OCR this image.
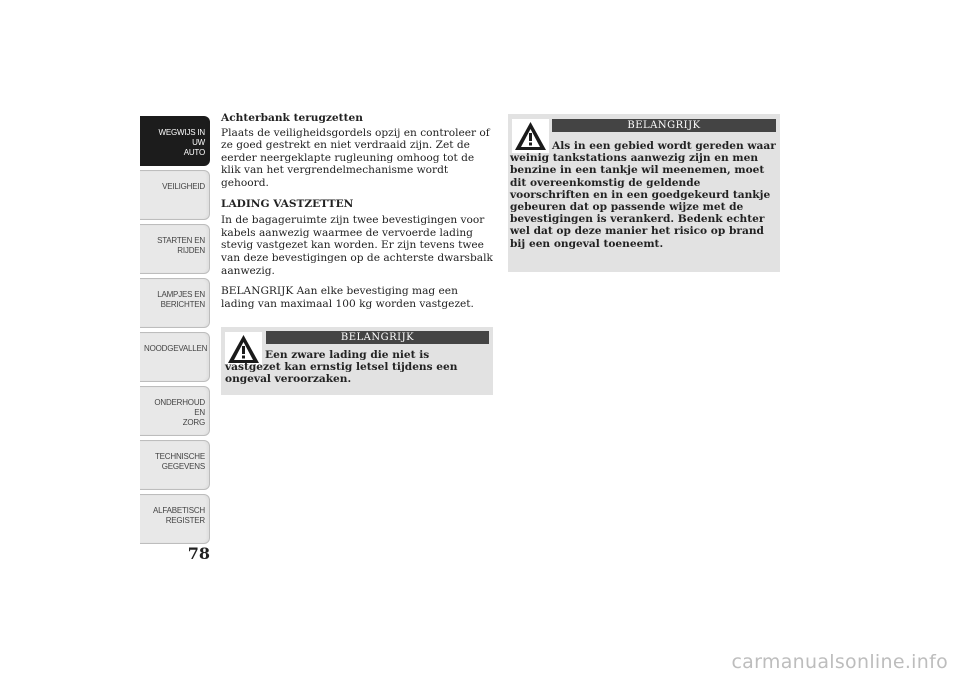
WEGWIJS IN UW
AUTO
VEILIGHEID
STARTEN EN
RIJDEN
LAMPJES EN
BERICHTEN
NOODGEVALLEN
ONDERHOUD EN
ZORG
TECHNISCHE
GEGEVENS
ALFABETISCH
REGISTER
78
Achterbank terugzetten
Plaats de veiligheidsgordels opzij en controleer of ze goed gestrekt en niet verdraaid zijn. Zet de eerder neergeklapte rugleuning omhoog tot de klik van het vergrendelmechanisme wordt gehoord.
LADING VASTZETTEN
In de bagageruimte zijn twee bevestigingen voor kabels aanwezig waarmee de vervoerde lading stevig vastgezet kan worden. Er zijn tevens twee van deze bevestigingen op de achterste dwarsbalk aanwezig.
BELANGRIJK Aan elke bevestiging mag een lading van maximaal 100 kg worden vastgezet.
BELANGRIJK
Een zware lading die niet is vastgezet kan ernstig letsel tijdens een ongeval veroorzaken.
BELANGRIJK
Als in een gebied wordt gereden waar weinig tankstations aanwezig zijn en men benzine in een tankje wil meenemen, moet dit overeenkomstig de geldende voorschriften en in een goedgekeurd tankje gebeuren dat op passende wijze met de bevestigingen is verankerd. Bedenk echter wel dat op deze manier het risico op brand bij een ongeval toeneemt.
carmanualsonline.info
